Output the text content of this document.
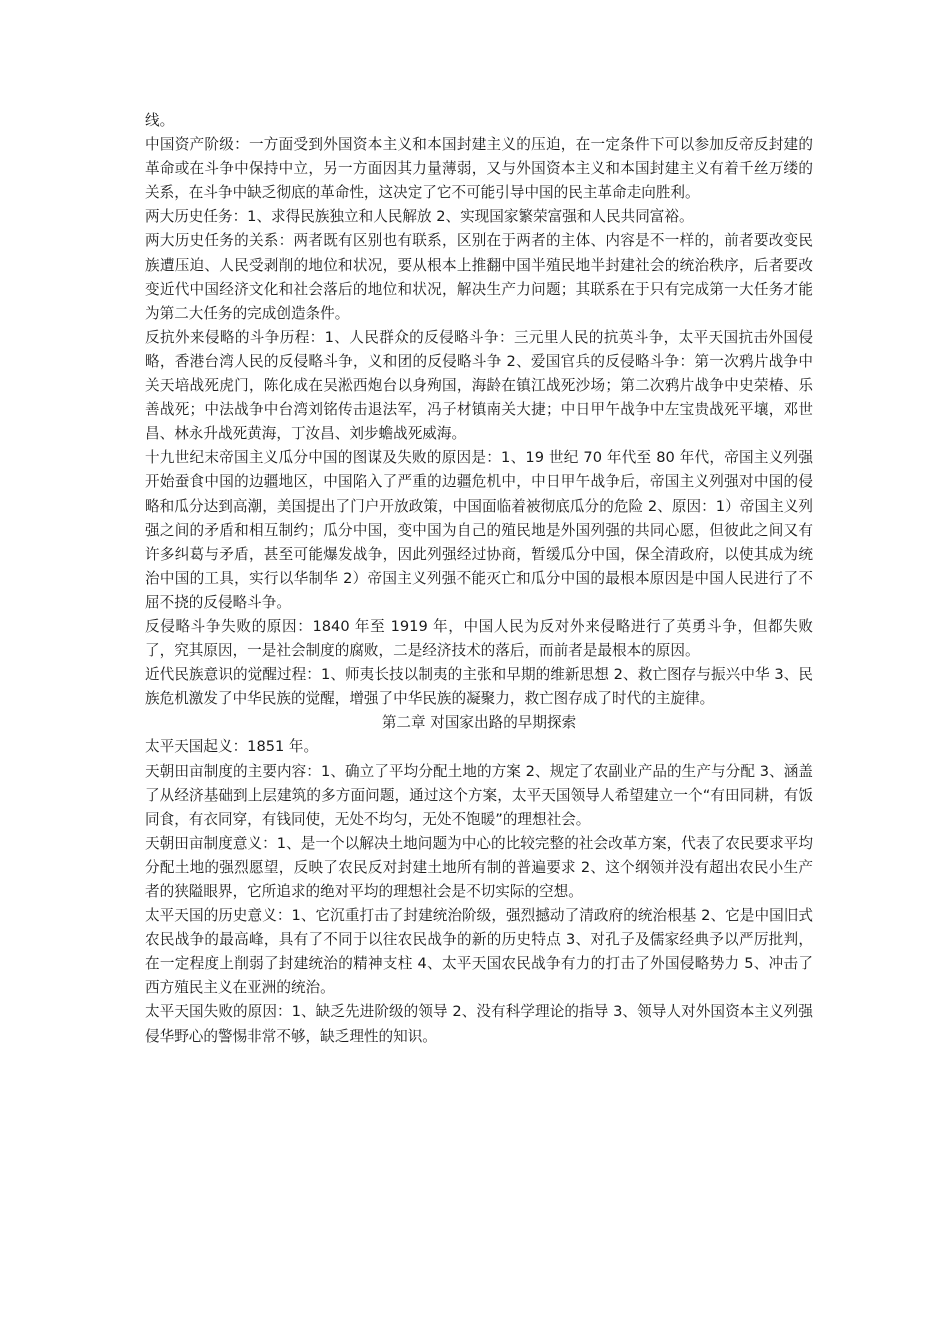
线。

中国资产阶级：一方面受到外国资本主义和本国封建主义的压迫，在一定条件下可以参加反帝反封建的革命或在斗争中保持中立，另一方面因其力量薄弱，又与外国资本主义和本国封建主义有着千丝万缕的关系，在斗争中缺乏彻底的革命性，这决定了它不可能引导中国的民主革命走向胜利。

两大历史任务：1、求得民族独立和人民解放 2、实现国家繁荣富强和人民共同富裕。

两大历史任务的关系：两者既有区别也有联系，区别在于两者的主体、内容是不一样的，前者要改变民族遭压迫、人民受剥削的地位和状况，要从根本上推翻中国半殖民地半封建社会的统治秩序，后者要改变近代中国经济文化和社会落后的地位和状况，解决生产力问题；其联系在于只有完成第一大任务才能为第二大任务的完成创造条件。

反抗外来侵略的斗争历程：1、人民群众的反侵略斗争：三元里人民的抗英斗争，太平天国抗击外国侵略，香港台湾人民的反侵略斗争，义和团的反侵略斗争 2、爱国官兵的反侵略斗争：第一次鸦片战争中关天培战死虎门，陈化成在吴淞西炮台以身殉国，海龄在镇江战死沙场；第二次鸦片战争中史荣椿、乐善战死；中法战争中台湾刘铭传击退法军，冯子材镇南关大捷；中日甲午战争中左宝贵战死平壤，邓世昌、林永升战死黄海，丁汝昌、刘步蟾战死威海。

十九世纪末帝国主义瓜分中国的图谋及失败的原因是：1、19 世纪 70 年代至 80 年代，帝国主义列强开始蚕食中国的边疆地区，中国陷入了严重的边疆危机中，中日甲午战争后，帝国主义列强对中国的侵略和瓜分达到高潮，美国提出了门户开放政策，中国面临着被彻底瓜分的危险 2、原因：1）帝国主义列强之间的矛盾和相互制约；瓜分中国，变中国为自己的殖民地是外国列强的共同心愿，但彼此之间又有许多纠葛与矛盾，甚至可能爆发战争，因此列强经过协商，暂缓瓜分中国，保全清政府，以使其成为统治中国的工具，实行以华制华 2）帝国主义列强不能灭亡和瓜分中国的最根本原因是中国人民进行了不屈不挠的反侵略斗争。

反侵略斗争失败的原因：1840 年至 1919 年，中国人民为反对外来侵略进行了英勇斗争，但都失败了，究其原因，一是社会制度的腐败，二是经济技术的落后，而前者是最根本的原因。

近代民族意识的觉醒过程：1、师夷长技以制夷的主张和早期的维新思想 2、救亡图存与振兴中华 3、民族危机激发了中华民族的觉醒，增强了中华民族的凝聚力，救亡图存成了时代的主旋律。

第二章 对国家出路的早期探索

太平天国起义：1851 年。

天朝田亩制度的主要内容：1、确立了平均分配土地的方案 2、规定了农副业产品的生产与分配 3、涵盖了从经济基础到上层建筑的多方面问题，通过这个方案，太平天国领导人希望建立一个“有田同耕，有饭同食，有衣同穿，有钱同使，无处不均匀，无处不饱暖”的理想社会。

天朝田亩制度意义：1、是一个以解决土地问题为中心的比较完整的社会改革方案，代表了农民要求平均分配土地的强烈愿望，反映了农民反对封建土地所有制的普遍要求 2、这个纲领并没有超出农民小生产者的狭隘眼界，它所追求的绝对平均的理想社会是不切实际的空想。

太平天国的历史意义：1、它沉重打击了封建统治阶级，强烈撼动了清政府的统治根基 2、它是中国旧式农民战争的最高峰，具有了不同于以往农民战争的新的历史特点 3、对孔子及儒家经典予以严厉批判，在一定程度上削弱了封建统治的精神支柱 4、太平天国农民战争有力的打击了外国侵略势力 5、冲击了西方殖民主义在亚洲的统治。

太平天国失败的原因：1、缺乏先进阶级的领导 2、没有科学理论的指导 3、领导人对外国资本主义列强侵华野心的警惕非常不够，缺乏理性的知识。
